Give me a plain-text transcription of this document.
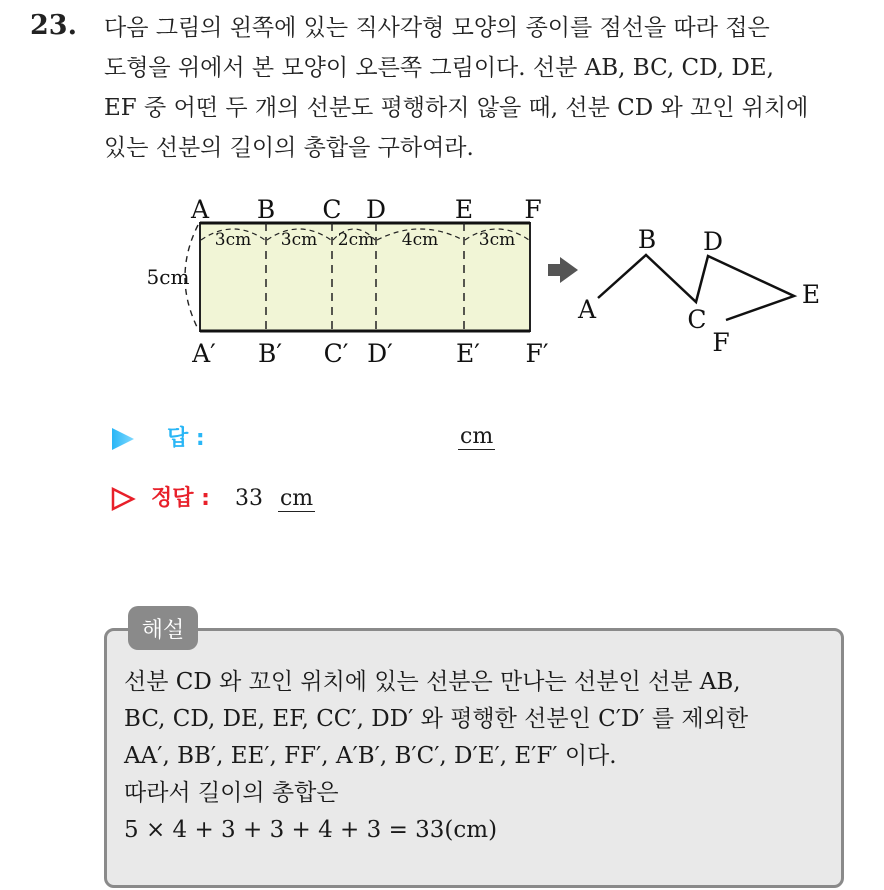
23. 다음 그림의 왼쪽에 있는 직사각형 모양의 종이를 점선을 따라 접은
도형을 위에서 본 모양이 오른쪽 그림이다. 선분 AB, BC, CD, DE,
EF 중 어떤 두 개의 선분도 평행하지 않을 때, 선분 CD 와 꼬인 위치에
있는 선분의 길이의 총합을 구하여라.
A B C D	E F
A′ B′ C′ D′	E′ F′
3cm 3cm 2cm 4cm 3cm
5cm
A
B
C
D
E
F
답 :	cm
정답 : 33 cm
해설
선분 CD 와 꼬인 위치에 있는 선분은 만나는 선분인 선분 AB,
BC, CD, DE, EF, CC′, DD′ 와 평행한 선분인 C′D′ 를 제외한
AA′, BB′, EE′, FF′, A′B′, B′C′, D′E′, E′F′ 이다.
따라서 길이의 총합은
5 × 4 + 3 + 3 + 4 + 3 = 33(cm)
